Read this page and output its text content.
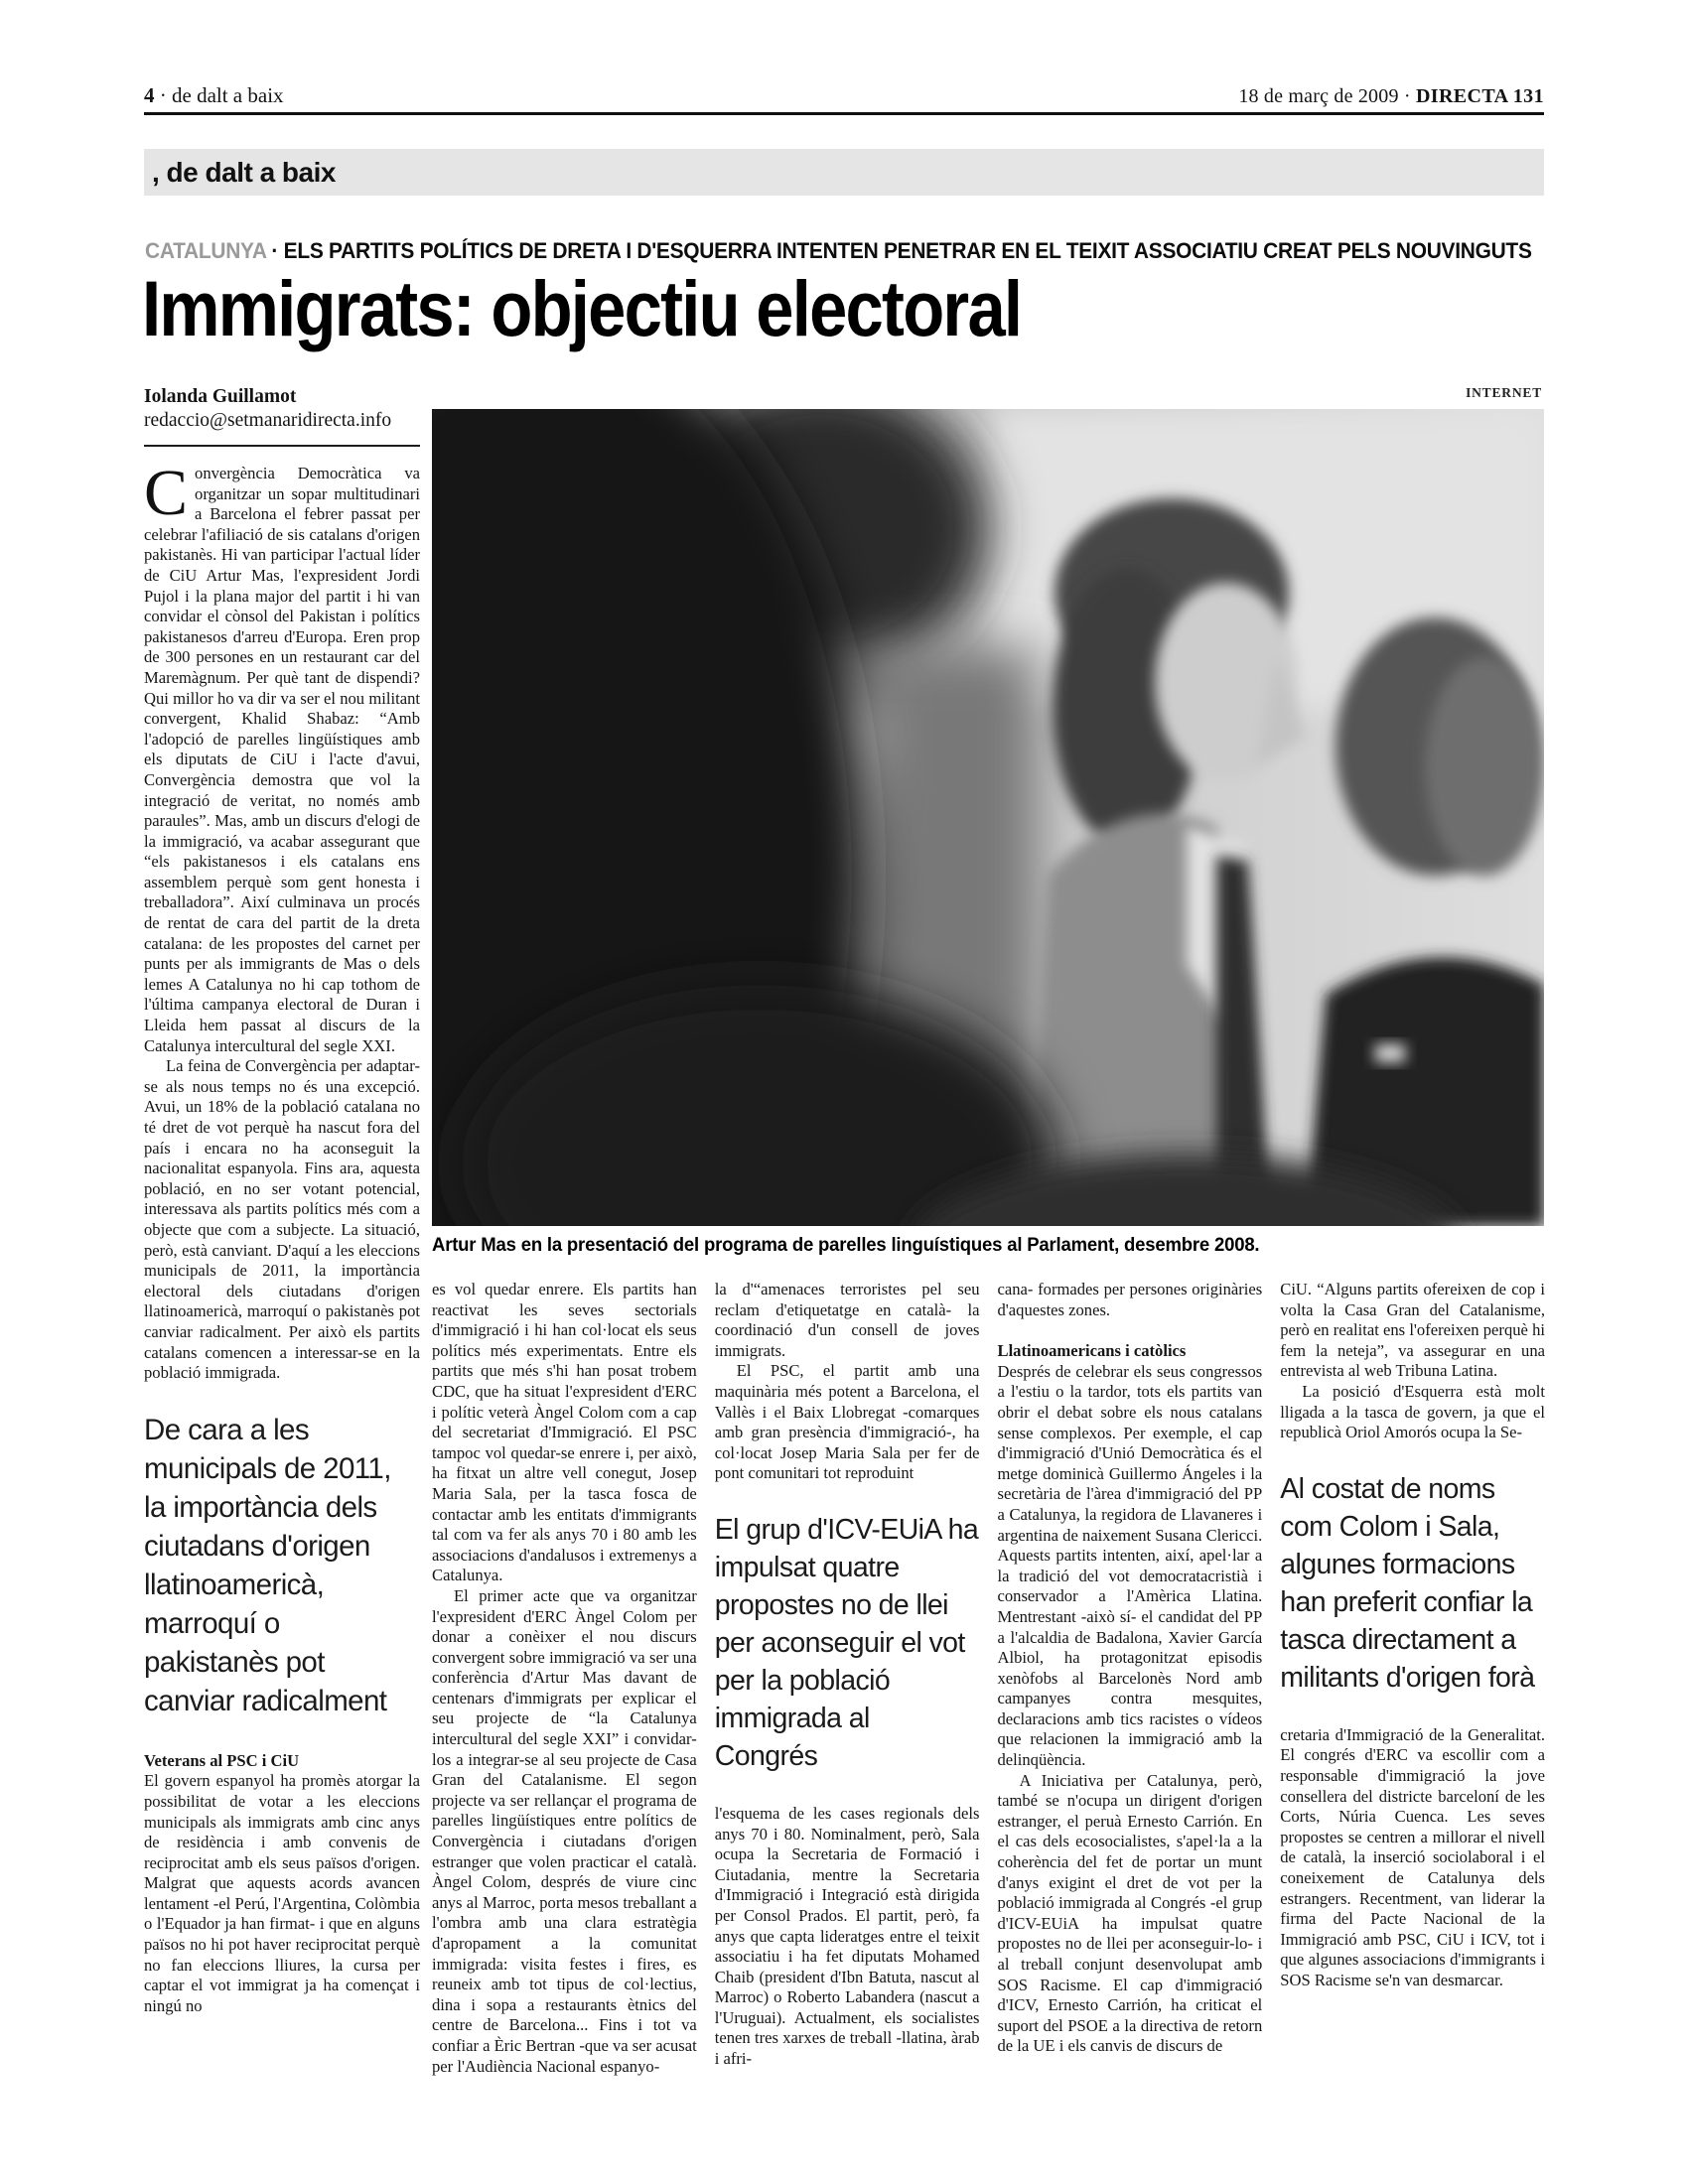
4 · de dalt a baix	18 de març de 2009 · DIRECTA 131
, de dalt a baix
CATALUNYA · ELS PARTITS POLÍTICS DE DRETA I D'ESQUERRA INTENTEN PENETRAR EN EL TEIXIT ASSOCIATIU CREAT PELS NOUVINGUTS
Immigrats: objectiu electoral
INTERNET
Artur Mas en la presentació del programa de parelles linguístiques al Parlament, desembre 2008.
Iolanda Guillamot
redaccio@setmanaridirecta.info

Convergència Democràtica va organitzar un sopar multitudinari a Barcelona el febrer passat per celebrar l'afiliació de sis catalans d'origen pakistanès. Hi van participar l'actual líder de CiU Artur Mas, l'expresident Jordi Pujol i la plana major del partit i hi van convidar el cònsol del Pakistan i polítics pakistanesos d'arreu d'Europa. Eren prop de 300 persones en un restaurant car del Maremàgnum. Per què tant de dispendi? Qui millor ho va dir va ser el nou militant convergent, Khalid Shabaz: “Amb l'adopció de parelles lingüístiques amb els diputats de CiU i l'acte d'avui, Convergència demostra que vol la integració de veritat, no només amb paraules”. Mas, amb un discurs d'elogi de la immigració, va acabar assegurant que “els pakistanesos i els catalans ens assemblem perquè som gent honesta i treballadora”. Així culminava un procés de rentat de cara del partit de la dreta catalana: de les propostes del carnet per punts per als immigrants de Mas o dels lemes A Catalunya no hi cap tothom de l'última campanya electoral de Duran i Lleida hem passat al discurs de la Catalunya intercultural del segle XXI.

La feina de Convergència per adaptar-se als nous temps no és una excepció. Avui, un 18% de la població catalana no té dret de vot perquè ha nascut fora del país i encara no ha aconseguit la nacionalitat espanyola. Fins ara, aquesta població, en no ser votant potencial, interessava als partits polítics més com a objecte que com a subjecte. La situació, però, està canviant. D'aquí a les eleccions municipals de 2011, la importància electoral dels ciutadans d'origen llatinoamericà, marroquí o pakistanès pot canviar radicalment. Per això els partits catalans comencen a interessar-se en la població immigrada.

De cara a les municipals de 2011, la importància dels ciutadans d'origen llatinoamericà, marroquí o pakistanès pot canviar radicalment

Veterans al PSC i CiU

El govern espanyol ha promès atorgar la possibilitat de votar a les eleccions municipals als immigrats amb cinc anys de residència i amb convenis de reciprocitat amb els seus països d'origen. Malgrat que aquests acords avancen lentament -el Perú, l'Argentina, Colòmbia o l'Equador ja han firmat- i que en alguns països no hi pot haver reciprocitat perquè no fan eleccions lliures, la cursa per captar el vot immigrat ja ha començat i ningú no

es vol quedar enrere. Els partits han reactivat les seves sectorials d'immigració i hi han col·locat els seus polítics més experimentats. Entre els partits que més s'hi han posat trobem CDC, que ha situat l'expresident d'ERC i polític veterà Àngel Colom com a cap del secretariat d'Immigració. El PSC tampoc vol quedar-se enrere i, per això, ha fitxat un altre vell conegut, Josep Maria Sala, per la tasca fosca de contactar amb les entitats d'immigrants tal com va fer als anys 70 i 80 amb les associacions d'andalusos i extremenys a Catalunya.

El primer acte que va organitzar l'expresident d'ERC Àngel Colom per donar a conèixer el nou discurs convergent sobre immigració va ser una conferència d'Artur Mas davant de centenars d'immigrats per explicar el seu projecte de “la Catalunya intercultural del segle XXI” i convidar-los a integrar-se al seu projecte de Casa Gran del Catalanisme. El segon projecte va ser rellançar el programa de parelles lingüístiques entre polítics de Convergència i ciutadans d'origen estranger que volen practicar el català. Àngel Colom, després de viure cinc anys al Marroc, porta mesos treballant a l'ombra amb una clara estratègia d'apropament a la comunitat immigrada: visita festes i fires, es reuneix amb tot tipus de col·lectius, dina i sopa a restaurants ètnics del centre de Barcelona... Fins i tot va confiar a Èric Bertran -que va ser acusat per l'Audiència Nacional espanyo-

la d'“amenaces terroristes pel seu reclam d'etiquetatge en català- la coordinació d'un consell de joves immigrats.

El PSC, el partit amb una maquinària més potent a Barcelona, el Vallès i el Baix Llobregat -comarques amb gran presència d'immigració-, ha col·locat Josep Maria Sala per fer de pont comunitari tot reproduint

El grup d'ICV-EUiA ha impulsat quatre propostes no de llei per aconseguir el vot per la població immigrada al Congrés

l'esquema de les cases regionals dels anys 70 i 80. Nominalment, però, Sala ocupa la Secretaria de Formació i Ciutadania, mentre la Secretaria d'Immigració i Integració està dirigida per Consol Prados. El partit, però, fa anys que capta lideratges entre el teixit associatiu i ha fet diputats Mohamed Chaib (president d'Ibn Batuta, nascut al Marroc) o Roberto Labandera (nascut a l'Uruguai). Actualment, els socialistes tenen tres xarxes de treball -llatina, àrab i afri-

cana- formades per persones originàries d'aquestes zones.

Llatinoamericans i catòlics

Després de celebrar els seus congressos a l'estiu o la tardor, tots els partits van obrir el debat sobre els nous catalans sense complexos. Per exemple, el cap d'immigració d'Unió Democràtica és el metge dominicà Guillermo Ángeles i la secretària de l'àrea d'immigració del PP a Catalunya, la regidora de Llavaneres i argentina de naixement Susana Clericci. Aquests partits intenten, així, apel·lar a la tradició del vot democratacristià i conservador a l'Amèrica Llatina. Mentrestant -això sí- el candidat del PP a l'alcaldia de Badalona, Xavier García Albiol, ha protagonitzat episodis xenòfobs al Barcelonès Nord amb campanyes contra mesquites, declaracions amb tics racistes o vídeos que relacionen la immigració amb la delinqüència.

A Iniciativa per Catalunya, però, també se n'ocupa un dirigent d'origen estranger, el peruà Ernesto Carrión. En el cas dels ecosocialistes, s'apel·la a la coherència del fet de portar un munt d'anys exigint el dret de vot per la població immigrada al Congrés -el grup d'ICV-EUiA ha impulsat quatre propostes no de llei per aconseguir-lo- i al treball conjunt desenvolupat amb SOS Racisme. El cap d'immigració d'ICV, Ernesto Carrión, ha criticat el suport del PSOE a la directiva de retorn de la UE i els canvis de discurs de

CiU. “Alguns partits ofereixen de cop i volta la Casa Gran del Catalanisme, però en realitat ens l'ofereixen perquè hi fem la neteja”, va assegurar en una entrevista al web Tribuna Latina.

La posició d'Esquerra està molt lligada a la tasca de govern, ja que el republicà Oriol Amorós ocupa la Se-

Al costat de noms com Colom i Sala, algunes formacions han preferit confiar la tasca directament a militants d'origen forà

cretaria d'Immigració de la Generalitat. El congrés d'ERC va escollir com a responsable d'immigració la jove consellera del districte barceloní de les Corts, Núria Cuenca. Les seves propostes se centren a millorar el nivell de català, la inserció sociolaboral i el coneixement de Catalunya dels estrangers. Recentment, van liderar la firma del Pacte Nacional de la Immigració amb PSC, CiU i ICV, tot i que algunes associacions d'immigrants i SOS Racisme se'n van desmarcar.
